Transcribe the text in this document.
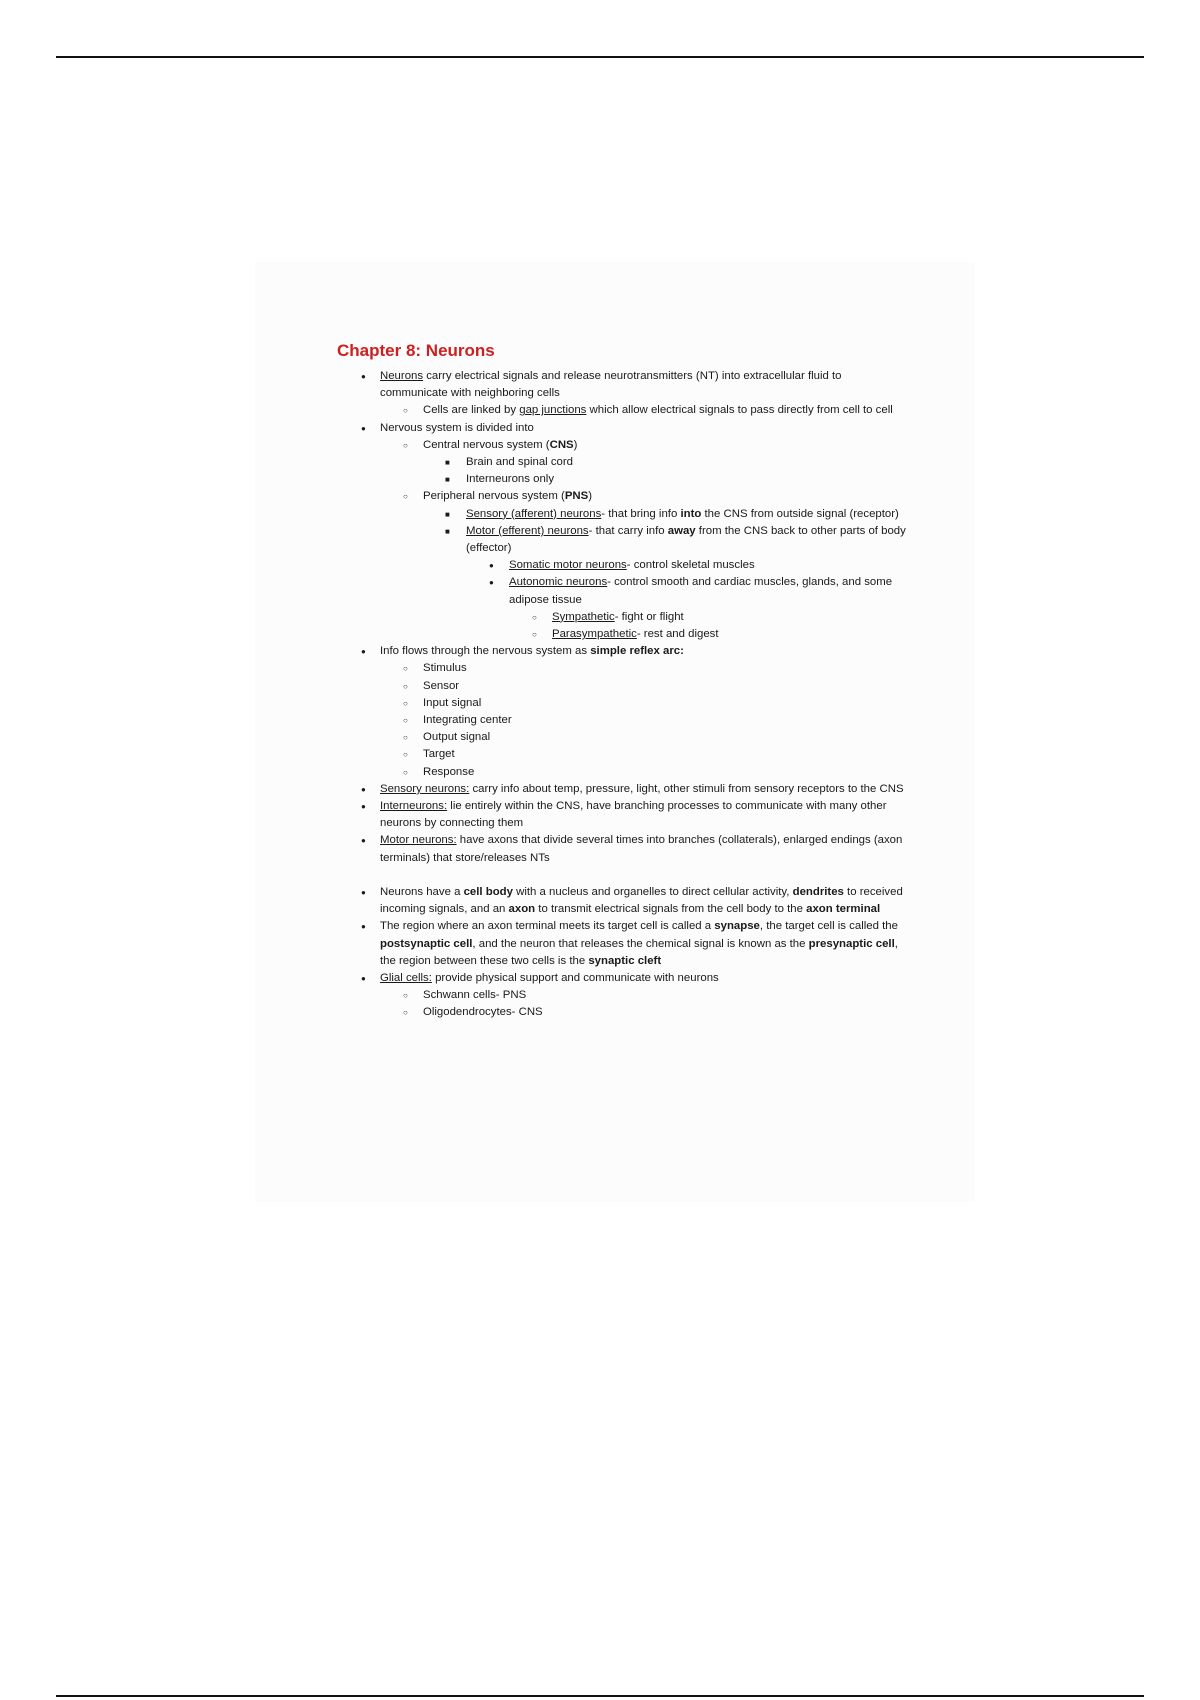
Chapter 8: Neurons
● Neurons carry electrical signals and release neurotransmitters (NT) into extracellular fluid to communicate with neighboring cells
○ Cells are linked by gap junctions which allow electrical signals to pass directly from cell to cell
● Nervous system is divided into
○ Central nervous system (CNS)
■ Brain and spinal cord
■ Interneurons only
○ Peripheral nervous system (PNS)
■ Sensory (afferent) neurons- that bring info into the CNS from outside signal (receptor)
■ Motor (efferent) neurons- that carry info away from the CNS back to other parts of body (effector)
● Somatic motor neurons- control skeletal muscles
● Autonomic neurons- control smooth and cardiac muscles, glands, and some adipose tissue
○ Sympathetic- fight or flight
○ Parasympathetic- rest and digest
● Info flows through the nervous system as simple reflex arc:
○ Stimulus
○ Sensor
○ Input signal
○ Integrating center
○ Output signal
○ Target
○ Response
● Sensory neurons: carry info about temp, pressure, light, other stimuli from sensory receptors to the CNS
● Interneurons: lie entirely within the CNS, have branching processes to communicate with many other neurons by connecting them
● Motor neurons: have axons that divide several times into branches (collaterals), enlarged endings (axon terminals) that store/releases NTs
● Neurons have a cell body with a nucleus and organelles to direct cellular activity, dendrites to received incoming signals, and an axon to transmit electrical signals from the cell body to the axon terminal
● The region where an axon terminal meets its target cell is called a synapse, the target cell is called the postsynaptic cell, and the neuron that releases the chemical signal is known as the presynaptic cell, the region between these two cells is the synaptic cleft
● Glial cells: provide physical support and communicate with neurons
○ Schwann cells- PNS
○ Oligodendrocytes- CNS
